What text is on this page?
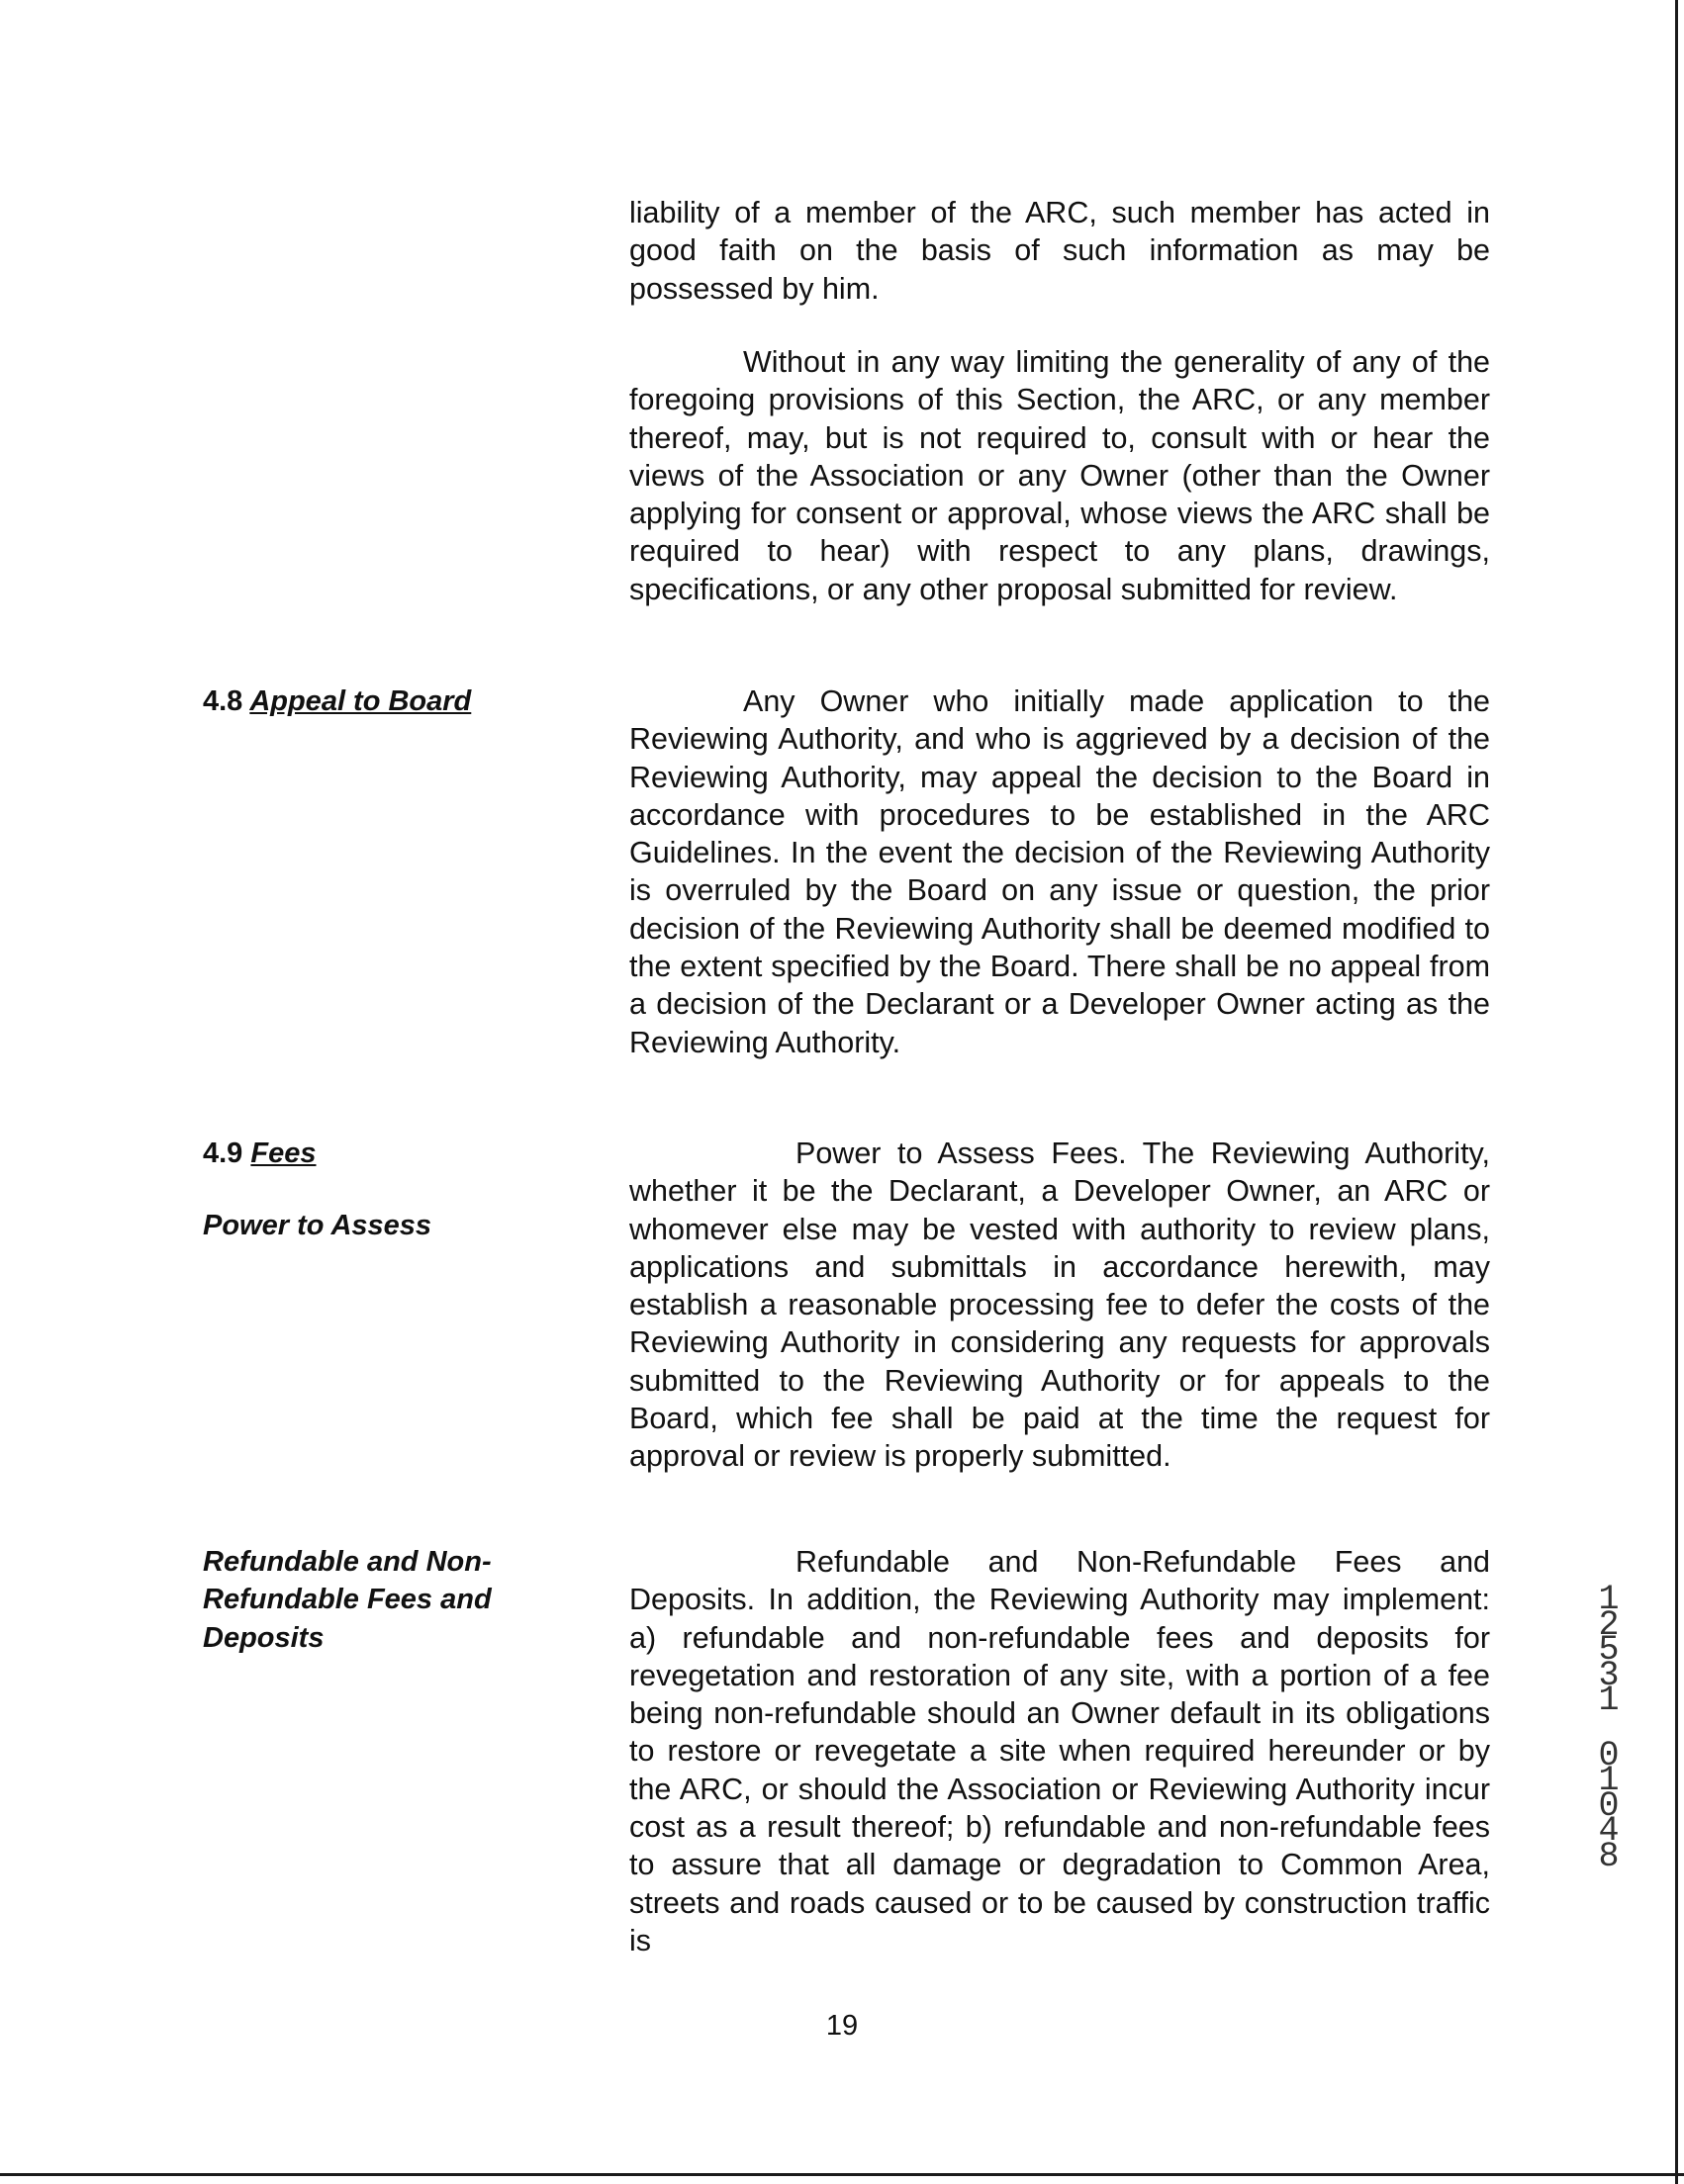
liability of a member of the ARC, such member has acted in good faith on the basis of such information as may be possessed by him.

Without in any way limiting the generality of any of the foregoing provisions of this Section, the ARC, or any member thereof, may, but is not required to, consult with or hear the views of the Association or any Owner (other than the Owner applying for consent or approval, whose views the ARC shall be required to hear) with respect to any plans, drawings, specifications, or any other proposal submitted for review.

4.8 Appeal to Board	Any Owner who initially made application to the Reviewing Authority, and who is aggrieved by a decision of the Reviewing Authority, may appeal the decision to the Board in accordance with procedures to be established in the ARC Guidelines. In the event the decision of the Reviewing Authority is overruled by the Board on any issue or question, the prior decision of the Reviewing Authority shall be deemed modified to the extent specified by the Board. There shall be no appeal from a decision of the Declarant or a Developer Owner acting as the Reviewing Authority.

4.9 Fees

Power to Assess

Power to Assess Fees. The Reviewing Authority, whether it be the Declarant, a Developer Owner, an ARC or whomever else may be vested with authority to review plans, applications and submittals in accordance herewith, may establish a reasonable processing fee to defer the costs of the Reviewing Authority in considering any requests for approvals submitted to the Reviewing Authority or for appeals to the Board, which fee shall be paid at the time the request for approval or review is properly submitted.

Refundable and Non-
Refundable Fees and
Deposits

Refundable and Non-Refundable Fees and Deposits. In addition, the Reviewing Authority may implement: a) refundable and non-refundable fees and deposits for revegetation and restoration of any site, with a portion of a fee being non-refundable should an Owner default in its obligations to restore or revegetate a site when required hereunder or by the ARC, or should the Association or Reviewing Authority incur cost as a result thereof; b) refundable and non-refundable fees to assure that all damage or degradation to Common Area, streets and roads caused or to be caused by construction traffic is

19
12531
01048
